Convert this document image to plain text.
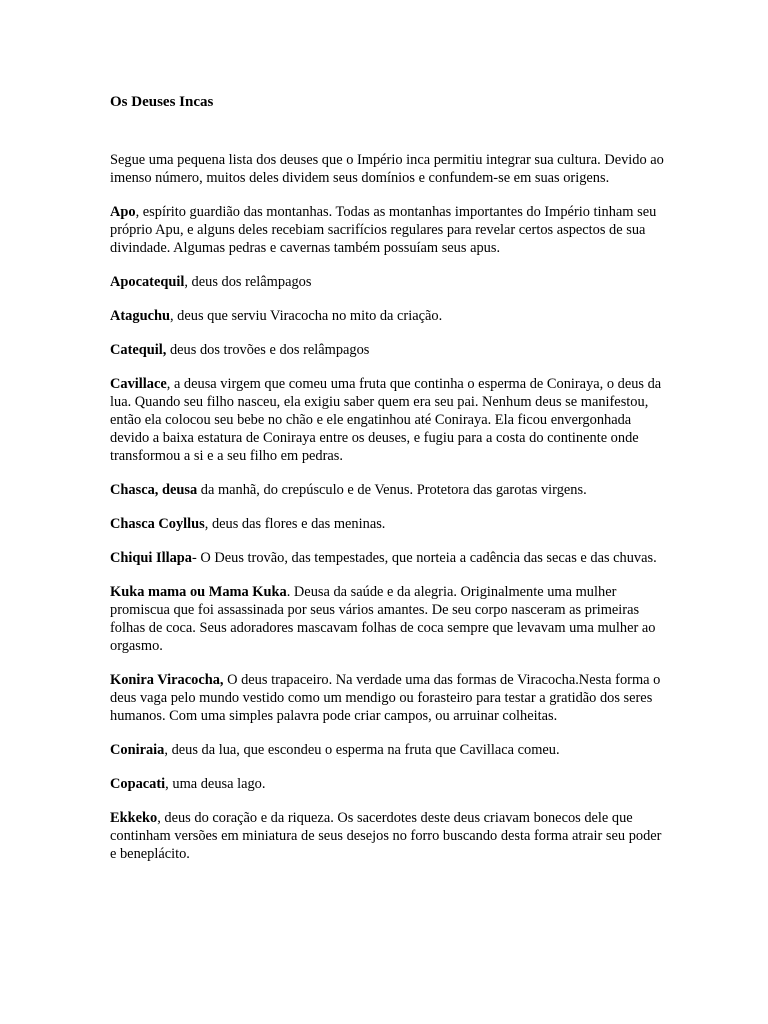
Os Deuses Incas

Segue uma pequena lista dos deuses que o Império inca permitiu integrar sua cultura. Devido ao imenso número, muitos deles dividem seus domínios e confundem-se em suas origens.

Apo, espírito guardião das montanhas. Todas as montanhas importantes do Império tinham seu próprio Apu, e alguns deles recebiam sacrifícios regulares para revelar certos aspectos de sua divindade. Algumas pedras e cavernas também possuíam seus apus.

Apocatequil, deus dos relâmpagos

Ataguchu, deus que serviu Viracocha no mito da criação.

Catequil, deus dos trovões e dos relâmpagos

Cavillace, a deusa virgem que comeu uma fruta que continha o esperma de Coniraya, o deus da lua. Quando seu filho nasceu, ela exigiu saber quem era seu pai. Nenhum deus se manifestou, então ela colocou seu bebe no chão e ele engatinhou até Coniraya. Ela ficou envergonhada devido a baixa estatura de Coniraya entre os deuses, e fugiu para a costa do continente onde transformou a si e a seu filho em pedras.

Chasca, deusa da manhã, do crepúsculo e de Venus. Protetora das garotas virgens.

Chasca Coyllus, deus das flores e das meninas.

Chiqui Illapa- O Deus trovão, das tempestades, que norteia a cadência das secas e das chuvas.

Kuka mama ou Mama Kuka. Deusa da saúde e da alegria. Originalmente uma mulher promiscua que foi assassinada por seus vários amantes. De seu corpo nasceram as primeiras folhas de coca. Seus adoradores mascavam folhas de coca sempre que levavam uma mulher ao orgasmo.

Konira Viracocha, O deus trapaceiro. Na verdade uma das formas de Viracocha.Nesta forma o deus vaga pelo mundo vestido como um mendigo ou forasteiro para testar a gratidão dos seres humanos. Com uma simples palavra pode criar campos, ou arruinar colheitas.

Coniraia, deus da lua, que escondeu o esperma na fruta que Cavillaca comeu.

Copacati, uma deusa lago.

Ekkeko, deus do coração e da riqueza. Os sacerdotes deste deus criavam bonecos dele que continham versões em miniatura de seus desejos no forro buscando desta forma atrair seu poder e beneplácito.
